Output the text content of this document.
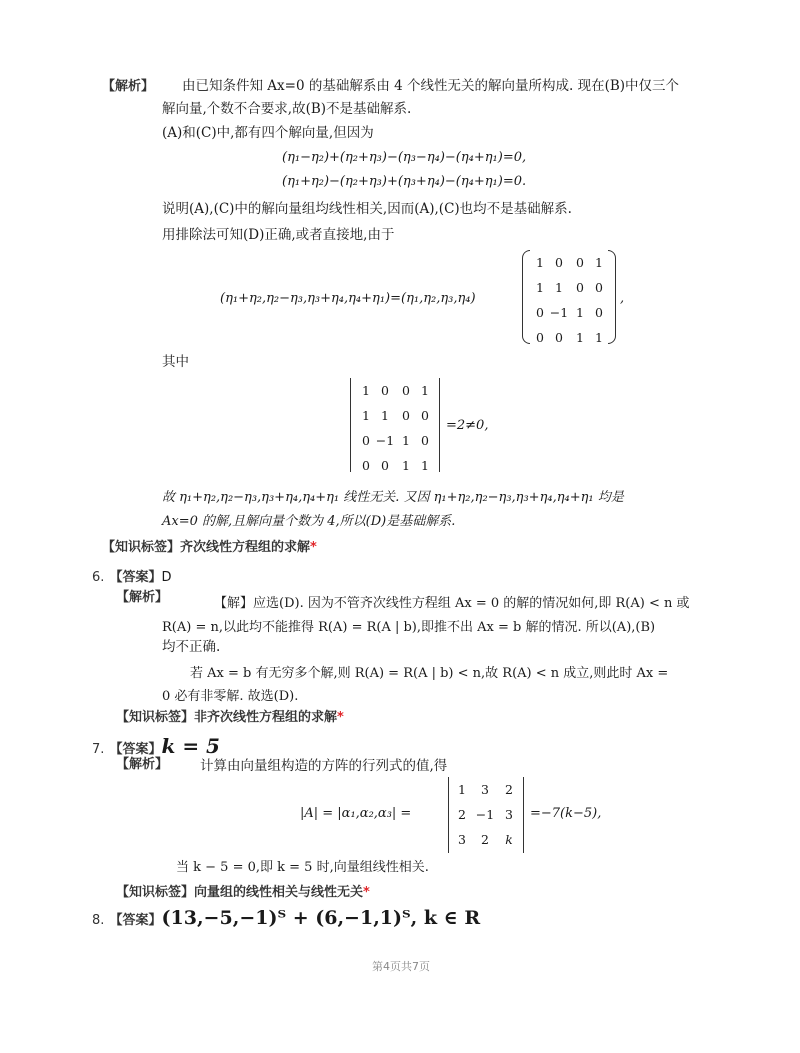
【解析】 由已知条件知 Ax=0 的基础解系由 4 个线性无关的解向量所构成. 现在(B)中仅三个
解向量,个数不合要求,故(B)不是基础解系.
(A)和(C)中,都有四个解向量,但因为
(η₁−η₂)+(η₂+η₃)−(η₃−η₄)−(η₄+η₁)=0,
(η₁+η₂)−(η₂+η₃)+(η₃+η₄)−(η₄+η₁)=0.
说明(A),(C)中的解向量组均线性相关,因而(A),(C)也均不是基础解系.
用排除法可知(D)正确,或者直接地,由于
(η₁+η₂,η₂−η₃,η₃+η₄,η₄+η₁)=(η₁,η₂,η₃,η₄)
1 0	0 1
1 1	0 0
0 −1 1 0
0 0	1 1
,
其中
1 0	0 1
1 1	0 0
0 −1 1 0
0 0	1 1
=2≠0,
故 η₁+η₂,η₂−η₃,η₃+η₄,η₄+η₁ 线性无关. 又因 η₁+η₂,η₂−η₃,η₃+η₄,η₄+η₁ 均是
Ax=0 的解,且解向量个数为 4,所以(D)是基础解系.
【知识标签】齐次线性方程组的求解*
6. 【答案】D
【解析】	【解】应选(D). 因为不管齐次线性方程组 Ax = 0 的解的情况如何,即 R(A) < n 或
R(A) = n,以此均不能推得 R(A) = R(A | b),即推不出 Ax = b 解的情况. 所以(A),(B)
均不正确.
若 Ax = b 有无穷多个解,则 R(A) = R(A | b) < n,故 R(A) < n 成立,则此时 Ax =
0 必有非零解. 故选(D).
【知识标签】非齐次线性方程组的求解*
7. 【答案】k = 5
【解析】 计算由向量组构造的方阵的行列式的值,得
|A| = |α₁,α₂,α₃| =
1	3	2
2 −1 3
3	2	k
=−7(k−5),
当 k − 5 = 0,即 k = 5 时,向量组线性相关.
【知识标签】向量组的线性相关与线性无关*
8. 【答案】(13,−5,−1)ᵀ + (6,−1,1)ᵀ, k ∈ R
第4页共7页
